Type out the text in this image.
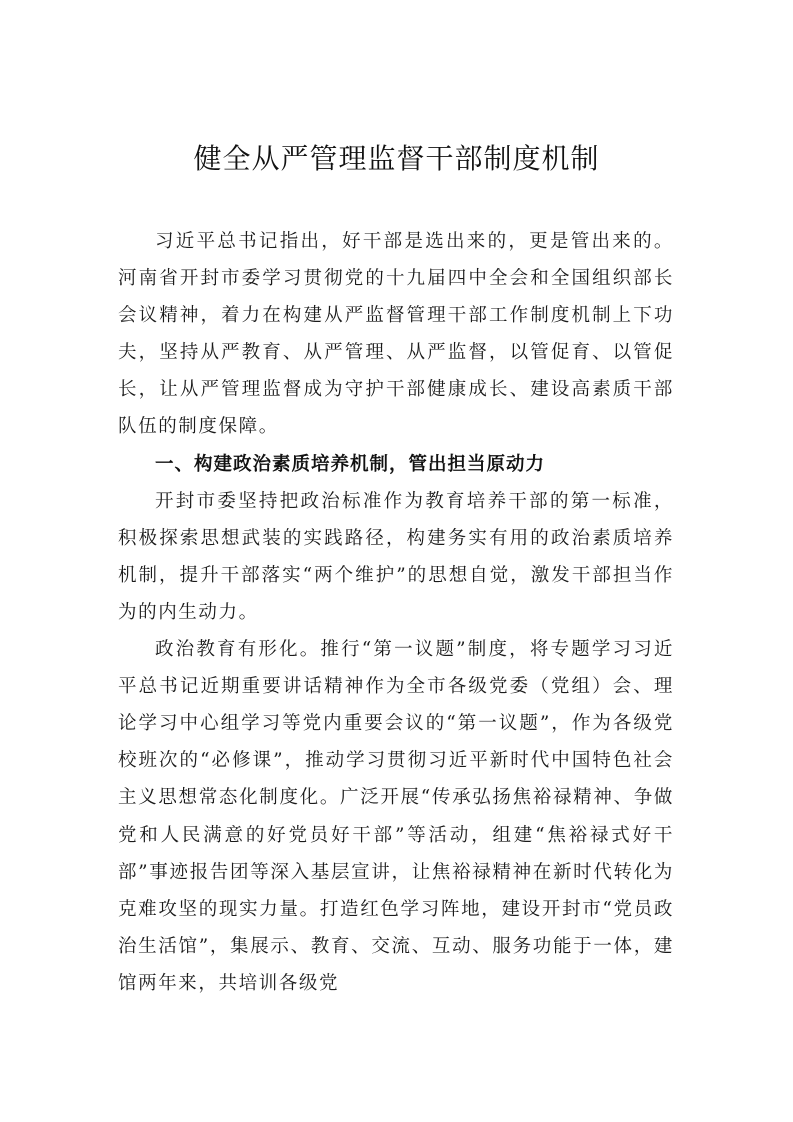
健全从严管理监督干部制度机制

习近平总书记指出，好干部是选出来的，更是管出来的。河南省开封市委学习贯彻党的十九届四中全会和全国组织部长会议精神，着力在构建从严监督管理干部工作制度机制上下功夫，坚持从严教育、从严管理、从严监督，以管促育、以管促长，让从严管理监督成为守护干部健康成长、建设高素质干部队伍的制度保障。

一、构建政治素质培养机制，管出担当原动力

开封市委坚持把政治标准作为教育培养干部的第一标准，积极探索思想武装的实践路径，构建务实有用的政治素质培养机制，提升干部落实“两个维护”的思想自觉，激发干部担当作为的内生动力。

政治教育有形化。推行“第一议题”制度，将专题学习习近平总书记近期重要讲话精神作为全市各级党委（党组）会、理论学习中心组学习等党内重要会议的“第一议题”，作为各级党校班次的“必修课”，推动学习贯彻习近平新时代中国特色社会主义思想常态化制度化。广泛开展“传承弘扬焦裕禄精神、争做党和人民满意的好党员好干部”等活动，组建“焦裕禄式好干部”事迹报告团等深入基层宣讲，让焦裕禄精神在新时代转化为克难攻坚的现实力量。打造红色学习阵地，建设开封市“党员政治生活馆”，集展示、教育、交流、互动、服务功能于一体，建馆两年来，共培训各级党
